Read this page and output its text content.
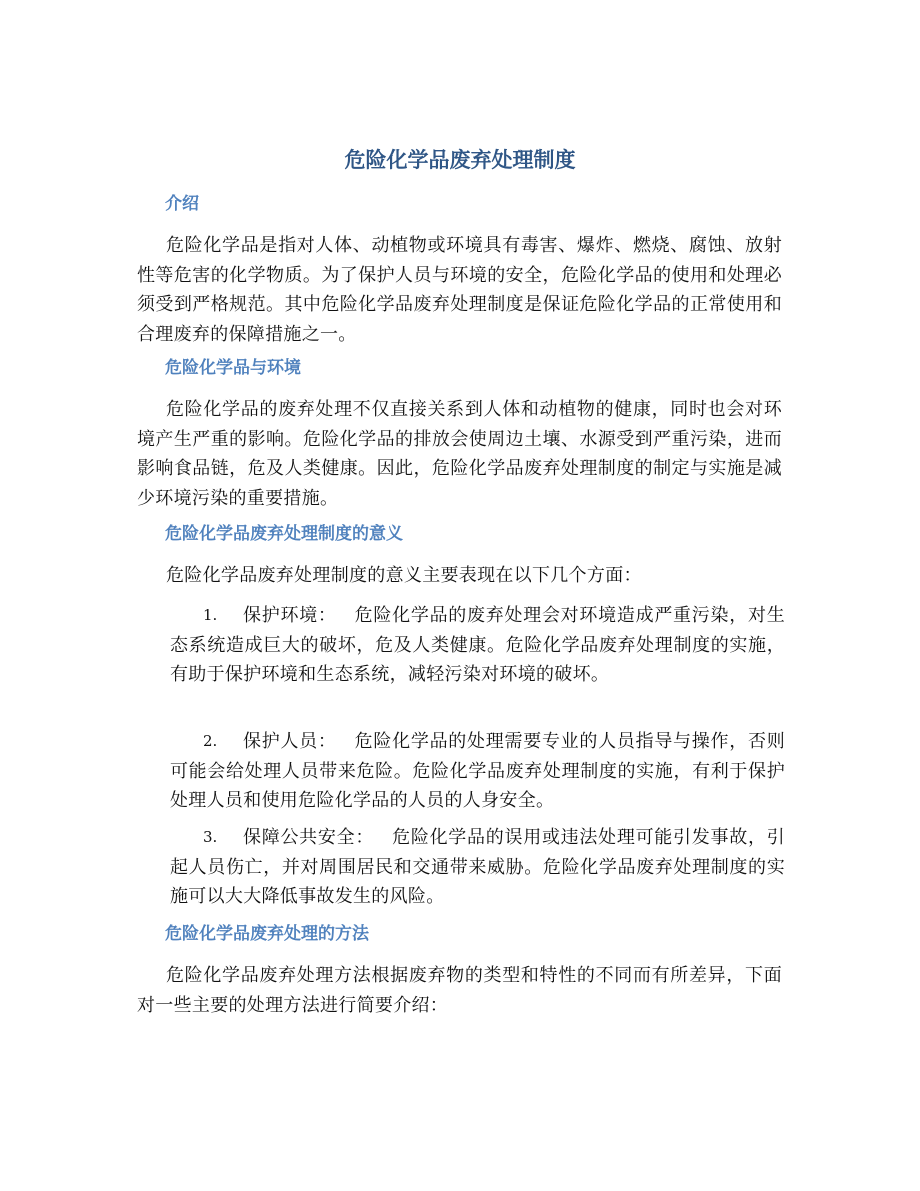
危险化学品废弃处理制度
介绍

危险化学品是指对人体、动植物或环境具有毒害、爆炸、燃烧、腐蚀、放射性等危害的化学物质。为了保护人员与环境的安全，危险化学品的使用和处理必须受到严格规范。其中危险化学品废弃处理制度是保证危险化学品的正常使用和合理废弃的保障措施之一。

危险化学品与环境

危险化学品的废弃处理不仅直接关系到人体和动植物的健康，同时也会对环境产生严重的影响。危险化学品的排放会使周边土壤、水源受到严重污染，进而影响食品链，危及人类健康。因此，危险化学品废弃处理制度的制定与实施是减少环境污染的重要措施。

危险化学品废弃处理制度的意义

危险化学品废弃处理制度的意义主要表现在以下几个方面：

1.	保护环境： 危险化学品的废弃处理会对环境造成严重污染，对生态系统造成巨大的破坏，危及人类健康。危险化学品废弃处理制度的实施，有助于保护环境和生态系统，减轻污染对环境的破坏。
2.	保护人员： 危险化学品的处理需要专业的人员指导与操作，否则可能会给处理人员带来危险。危险化学品废弃处理制度的实施，有利于保护处理人员和使用危险化学品的人员的人身安全。
3.	保障公共安全： 危险化学品的误用或违法处理可能引发事故，引起人员伤亡，并对周围居民和交通带来威胁。危险化学品废弃处理制度的实施可以大大降低事故发生的风险。
危险化学品废弃处理的方法

危险化学品废弃处理方法根据废弃物的类型和特性的不同而有所差异，下面对一些主要的处理方法进行简要介绍：
